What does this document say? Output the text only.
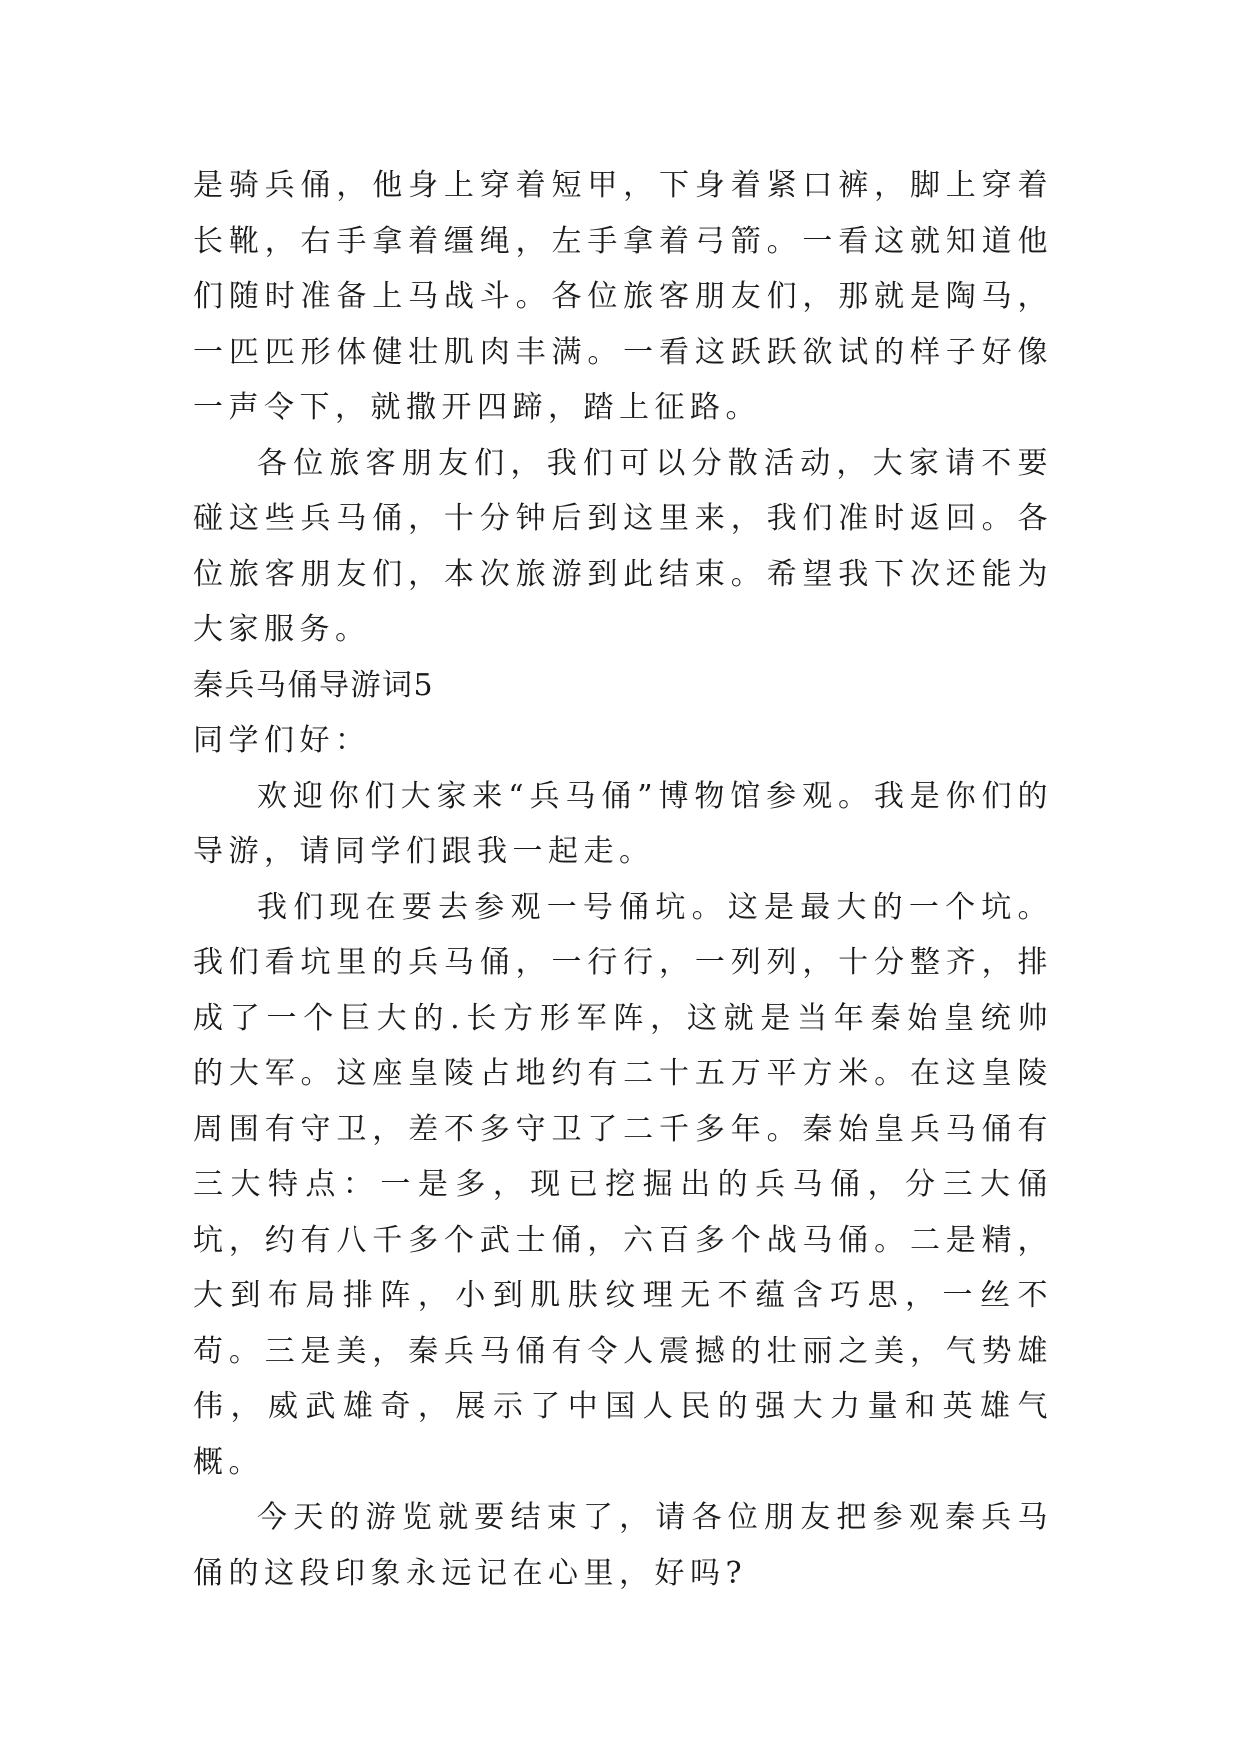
是骑兵俑，他身上穿着短甲，下身着紧口裤，脚上穿着长靴，右手拿着缰绳，左手拿着弓箭。一看这就知道他们随时准备上马战斗。各位旅客朋友们，那就是陶马，一匹匹形体健壮肌肉丰满。一看这跃跃欲试的样子好像一声令下，就撒开四蹄，踏上征路。

各位旅客朋友们，我们可以分散活动，大家请不要碰这些兵马俑，十分钟后到这里来，我们准时返回。各位旅客朋友们，本次旅游到此结束。希望我下次还能为大家服务。

秦兵马俑导游词5

同学们好：

欢迎你们大家来“兵马俑”博物馆参观。我是你们的导游，请同学们跟我一起走。

我们现在要去参观一号俑坑。这是最大的一个坑。我们看坑里的兵马俑，一行行，一列列，十分整齐，排成了一个巨大的.长方形军阵，这就是当年秦始皇统帅的大军。这座皇陵占地约有二十五万平方米。在这皇陵周围有守卫，差不多守卫了二千多年。秦始皇兵马俑有三大特点：一是多，现已挖掘出的兵马俑，分三大俑坑，约有八千多个武士俑，六百多个战马俑。二是精，大到布局排阵，小到肌肤纹理无不蕴含巧思，一丝不苟。三是美，秦兵马俑有令人震撼的壮丽之美，气势雄伟，威武雄奇，展示了中国人民的强大力量和英雄气概。

今天的游览就要结束了，请各位朋友把参观秦兵马俑的这段印象永远记在心里，好吗?
